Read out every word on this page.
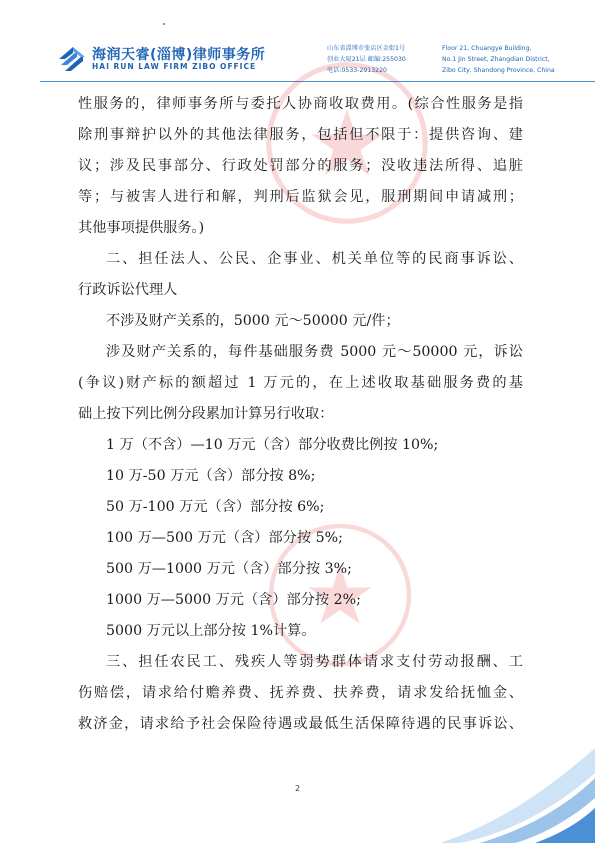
海润天睿(淄博)律师事务所
HAI RUN LAW FIRM ZIBO OFFICE
山东省淄博市张店区金街1号
创业大厦21层 邮编:255030
电话:0533-2913220
Floor 21, Chuangye Building,
No.1 Jin Street, Zhangdian District,
Zibo City, Shandong Province, China
性服务的，律师事务所与委托人协商收取费用。(综合性服务是指
除刑事辩护以外的其他法律服务，包括但不限于：提供咨询、建
议；涉及民事部分、行政处罚部分的服务；没收违法所得、追脏
等；与被害人进行和解，判刑后监狱会见，服刑期间申请减刑；
其他事项提供服务。)
二、担任法人、公民、企事业、机关单位等的民商事诉讼、
行政诉讼代理人
不涉及财产关系的，5000 元～50000 元/件；
涉及财产关系的，每件基础服务费 5000 元～50000 元，诉讼
(争议)财产标的额超过 1 万元的，在上述收取基础服务费的基
础上按下列比例分段累加计算另行收取：
1 万（不含）—10 万元（含）部分收费比例按 10%;
10 万-50 万元（含）部分按 8%;
50 万-100 万元（含）部分按 6%;
100 万—500 万元（含）部分按 5%;
500 万—1000 万元（含）部分按 3%;
1000 万—5000 万元（含）部分按 2%;
5000 万元以上部分按 1%计算。
三、担任农民工、残疾人等弱势群体请求支付劳动报酬、工
伤赔偿，请求给付赡养费、抚养费、扶养费，请求发给抚恤金、
救济金，请求给予社会保险待遇或最低生活保障待遇的民事诉讼、
2
